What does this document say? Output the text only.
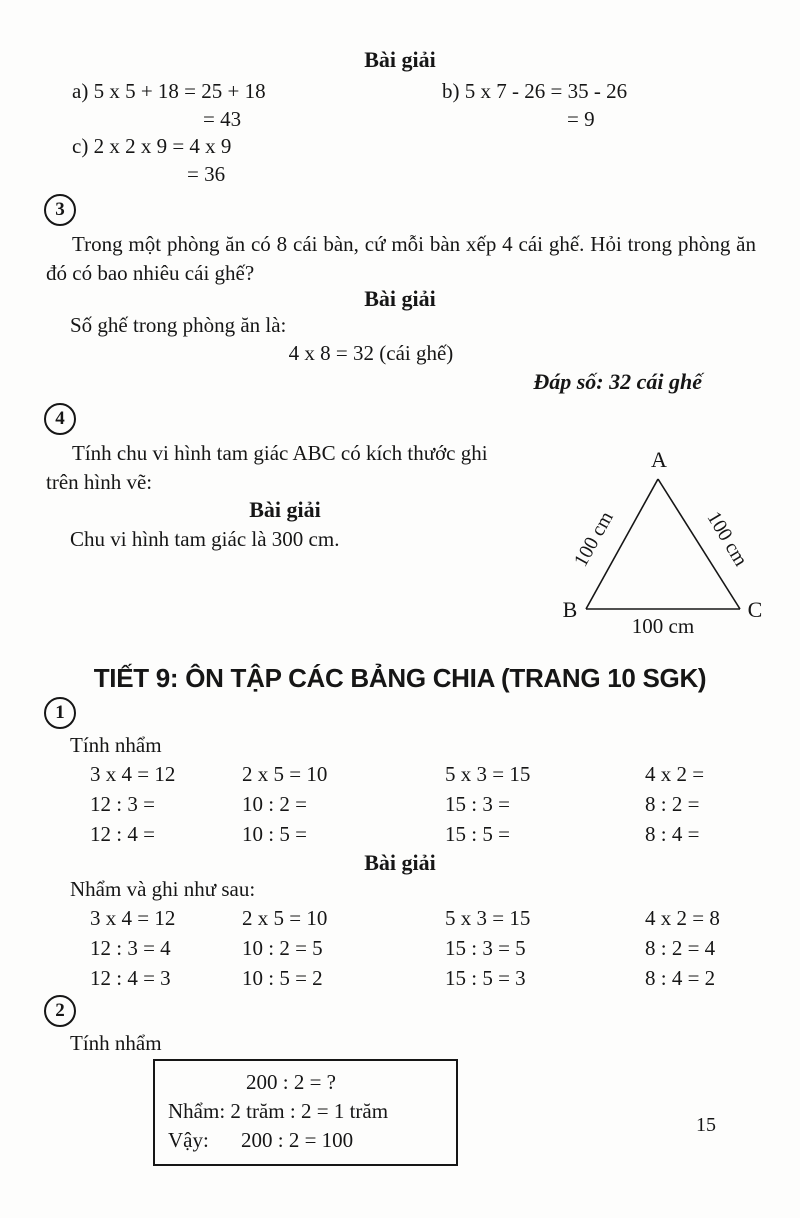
Bài giải
a) 5 x 5 + 18 = 25 + 18
= 43
c) 2 x 2 x 9 = 4 x 9
= 36
b) 5 x 7 - 26 = 35 - 26
= 9
3
Trong một phòng ăn có 8 cái bàn, cứ mỗi bàn xếp 4 cái ghế. Hỏi trong phòng ăn đó có bao nhiêu cái ghế?
Bài giải
Số ghế trong phòng ăn là:
4 x 8 = 32 (cái ghế)
Đáp số: 32 cái ghế
4
Tính chu vi hình tam giác ABC có kích thước ghi trên hình vẽ:
Bài giải
Chu vi hình tam giác là 300 cm.
A
B	C
100 cm	100 cm
100 cm
TIẾT 9: ÔN TẬP CÁC BẢNG CHIA (TRANG 10 SGK)
1
Tính nhẩm
3 x 4 = 12	2 x 5 = 10	5 x 3 = 15	4 x 2 =
12 : 3 =	10 : 2 =	15 : 3 =	8 : 2 =
12 : 4 =	10 : 5 =	15 : 5 =	8 : 4 =
Bài giải
Nhẩm và ghi như sau:
3 x 4 = 12	2 x 5 = 10	5 x 3 = 15	4 x 2 = 8
12 : 3 = 4	10 : 2 = 5	15 : 3 = 5	8 : 2 = 4
12 : 4 = 3	10 : 5 = 2	15 : 5 = 3	8 : 4 = 2
2
Tính nhẩm
200 : 2 = ?
Nhẩm: 2 trăm : 2 = 1 trăm
Vậy: 200 : 2 = 100
15
